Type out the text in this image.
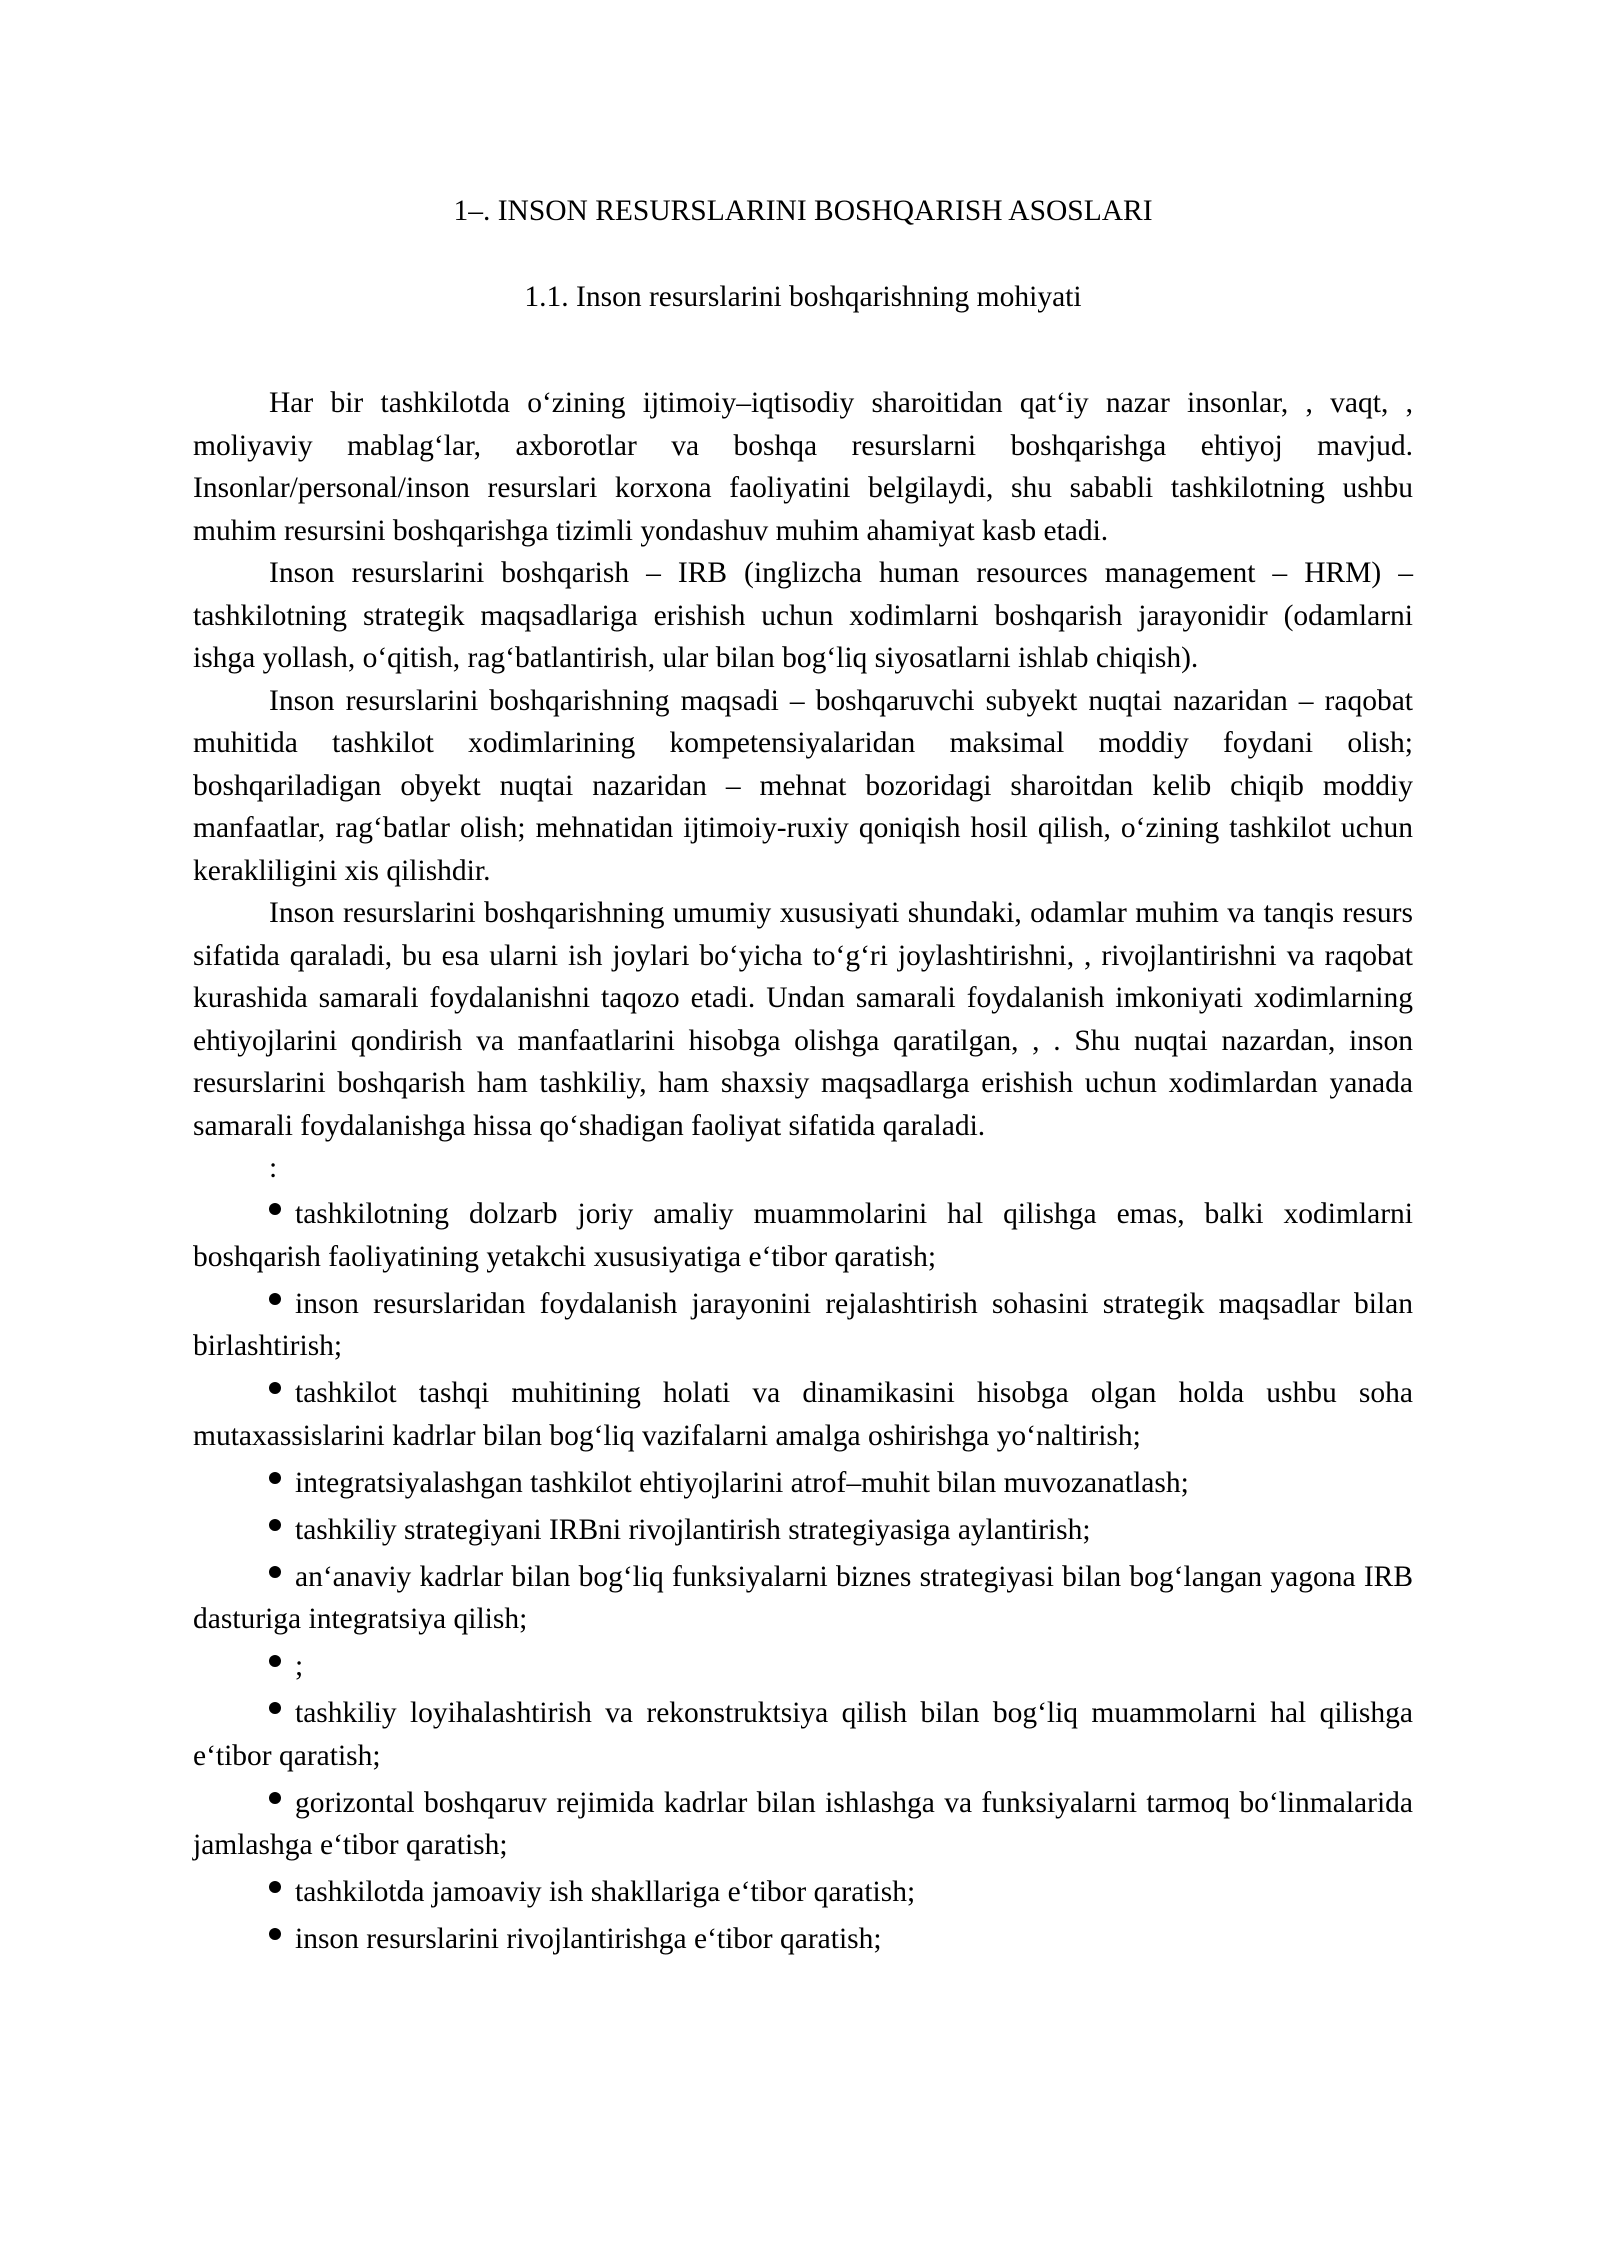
1–. INSON RESURSLARINI BOSHQARISH ASOSLARI
1.1. Inson resurslarini boshqarishning mohiyati

Har bir tashkilotda o‘zining ijtimoiy–iqtisodiy sharoitidan qat‘iy nazar insonlar, , vaqt, , moliyaviy mablag‘lar, axborotlar va boshqa resurslarni boshqarishga ehtiyoj mavjud. Insonlar/personal/inson resurslari korxona faoliyatini belgilaydi, shu sababli tashkilotning ushbu muhim resursini boshqarishga tizimli yondashuv muhim ahamiyat kasb etadi.

Inson resurslarini boshqarish – IRB (inglizcha human resources management – HRM) – tashkilotning strategik maqsadlariga erishish uchun xodimlarni boshqarish jarayonidir (odamlarni ishga yollash, o‘qitish, rag‘batlantirish, ular bilan bog‘liq siyosatlarni ishlab chiqish).

Inson resurslarini boshqarishning maqsadi – boshqaruvchi subyekt nuqtai nazaridan – raqobat muhitida tashkilot xodimlarining kompetensiyalaridan maksimal moddiy foydani olish; boshqariladigan obyekt nuqtai nazaridan – mehnat bozoridagi sharoitdan kelib chiqib moddiy manfaatlar, rag‘batlar olish; mehnatidan ijtimoiy-ruxiy qoniqish hosil qilish, o‘zining tashkilot uchun kerakliligini xis qilishdir.

Inson resurslarini boshqarishning umumiy xususiyati shundaki, odamlar muhim va tanqis resurs sifatida qaraladi, bu esa ularni ish joylari bo‘yicha to‘g‘ri joylashtirishni, , rivojlantirishni va raqobat kurashida samarali foydalanishni taqozo etadi. Undan samarali foydalanish imkoniyati xodimlarning ehtiyojlarini qondirish va manfaatlarini hisobga olishga qaratilgan, , . Shu nuqtai nazardan, inson resurslarini boshqarish ham tashkiliy, ham shaxsiy maqsadlarga erishish uchun xodimlardan yanada samarali foydalanishga hissa qo‘shadigan faoliyat sifatida qaraladi.

:
tashkilotning dolzarb joriy amaliy muammolarini hal qilishga emas, balki xodimlarni boshqarish faoliyatining yetakchi xususiyatiga e‘tibor qaratish;
inson resurslaridan foydalanish jarayonini rejalashtirish sohasini strategik maqsadlar bilan birlashtirish;
tashkilot tashqi muhitining holati va dinamikasini hisobga olgan holda ushbu soha mutaxassislarini kadrlar bilan bog‘liq vazifalarni amalga oshirishga yo‘naltirish;
integratsiyalashgan tashkilot ehtiyojlarini atrof–muhit bilan muvozanatlash;
tashkiliy strategiyani IRBni rivojlantirish strategiyasiga aylantirish;
an‘anaviy kadrlar bilan bog‘liq funksiyalarni biznes strategiyasi bilan bog‘langan yagona IRB dasturiga integratsiya qilish;
;
tashkiliy loyihalashtirish va rekonstruktsiya qilish bilan bog‘liq muammolarni hal qilishga e‘tibor qaratish;
gorizontal boshqaruv rejimida kadrlar bilan ishlashga va funksiyalarni tarmoq bo‘linmalarida jamlashga e‘tibor qaratish;
tashkilotda jamoaviy ish shakllariga e‘tibor qaratish;
inson resurslarini rivojlantirishga e‘tibor qaratish;
